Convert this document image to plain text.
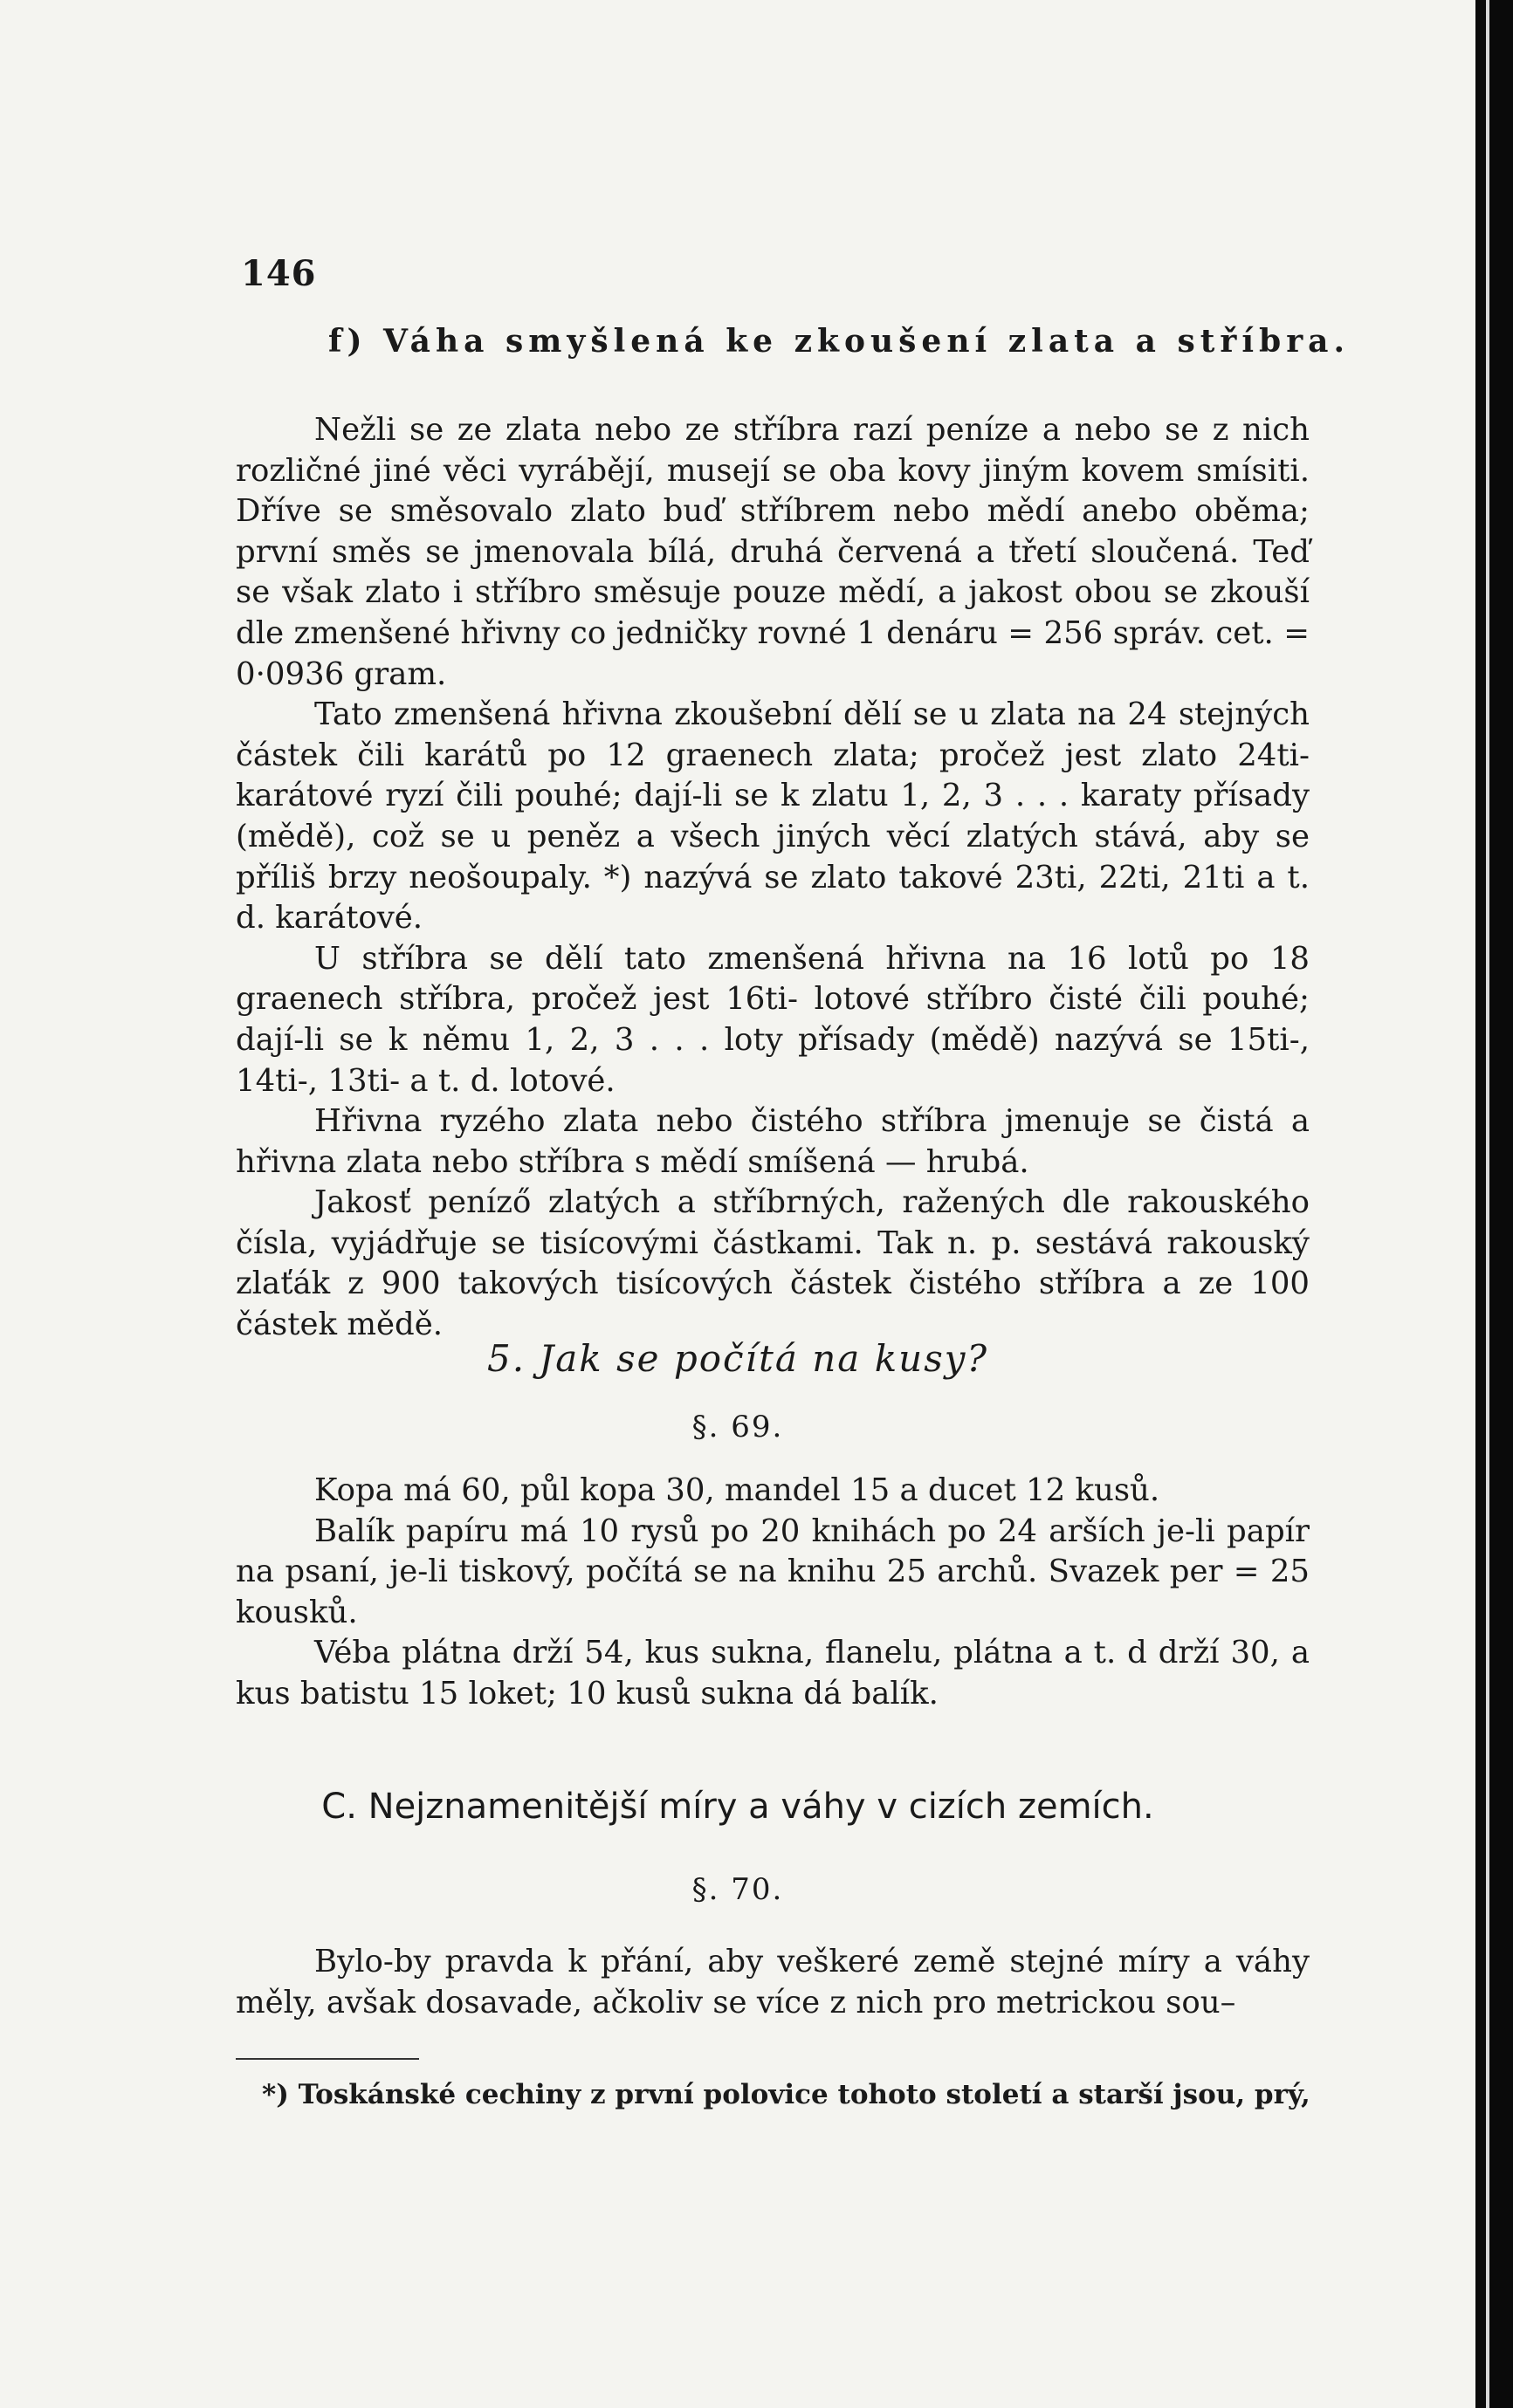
146
f) Váha smyšlená ke zkoušení zlata a stříbra.

Nežli se ze zlata nebo ze stříbra razí peníze a nebo se z nich rozličné jiné věci vyrábějí, musejí se oba kovy jiným kovem smísiti. Dříve se směsovalo zlato buď stříbrem nebo mědí anebo oběma; první směs se jmenovala bílá, druhá červená a třetí sloučená. Teď se však zlato i stříbro směsuje pouze mědí, a jakost obou se zkouší dle zmenšené hřivny co jedničky rovné 1 denáru = 256 správ. cet. = 0·0936 gram.

Tato zmenšená hřivna zkoušební dělí se u zlata na 24 stejných částek čili karátů po 12 graenech zlata; pročež jest zlato 24ti- karátové ryzí čili pouhé; dají-li se k zlatu 1, 2, 3 . . . karaty přísady (mědě), což se u peněz a všech jiných věcí zlatých stává, aby se příliš brzy neošoupaly. *) nazývá se zlato takové 23ti, 22ti, 21ti a t. d. karátové.

U stříbra se dělí tato zmenšená hřivna na 16 lotů po 18 graenech stříbra, pročež jest 16ti- lotové stříbro čisté čili pouhé; dají-li se k němu 1, 2, 3 . . . loty přísady (mědě) nazývá se 15ti-, 14ti-, 13ti- a t. d. lotové.

Hřivna ryzého zlata nebo čistého stříbra jmenuje se čistá a hřivna zlata nebo stříbra s mědí smíšená — hrubá.

Jakosť peníző zlatých a stříbrných, ražených dle rakouského čísla, vyjádřuje se tisícovými částkami. Tak n. p. sestává rakouský zlaťák z 900 takových tisícových částek čistého stříbra a ze 100 částek mědě.

5. Jak se počítá na kusy?
§. 69.

Kopa má 60, půl kopa 30, mandel 15 a ducet 12 kusů.

Balík papíru má 10 rysů po 20 knihách po 24 arších je-li papír na psaní, je-li tiskový, počítá se na knihu 25 archů. Svazek per = 25 kousků.

Véba plátna drží 54, kus sukna, flanelu, plátna a t. d drží 30, a kus batistu 15 loket; 10 kusů sukna dá balík.

C. Nejznamenitější míry a váhy v cizích zemích.
§. 70.

Bylo-by pravda k přání, aby veškeré země stejné míry a váhy měly, avšak dosavade, ačkoliv se více z nich pro metrickou sou–

*) Toskánské cechiny z první polovice tohoto století a starší jsou, prý,
